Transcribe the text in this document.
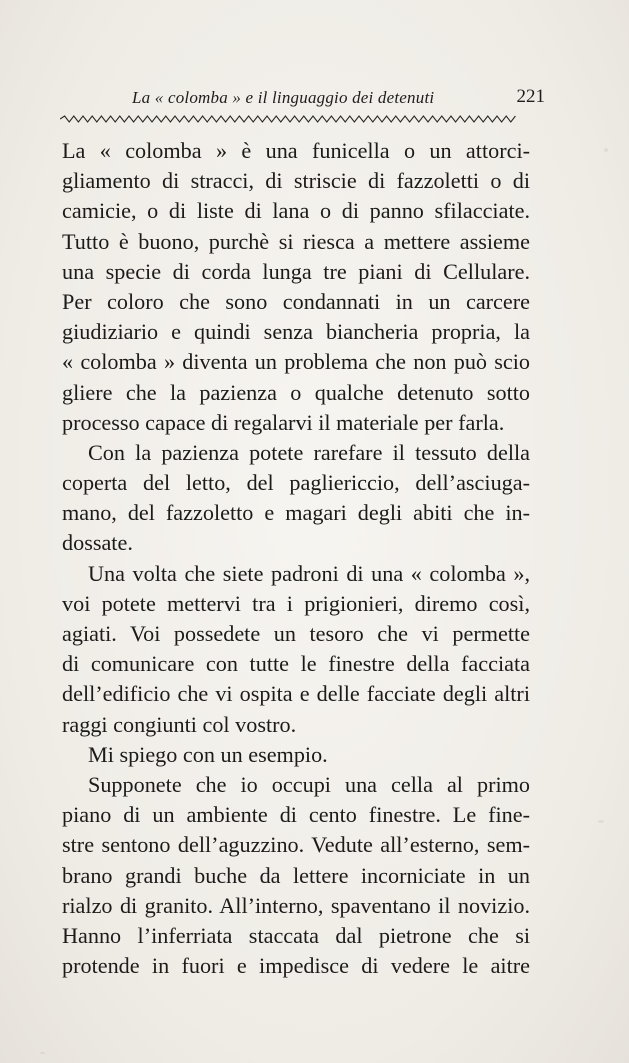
La « colomba » e il linguaggio dei detenuti	221
La « colomba » è una funicella o un attorci-
gliamento di stracci, di striscie di fazzoletti o di
camicie, o di liste di lana o di panno sfilacciate.
Tutto è buono, purchè si riesca a mettere assieme
una specie di corda lunga tre piani di Cellulare.
Per coloro che sono condannati in un carcere
giudiziario e quindi senza biancheria propria, la
« colomba » diventa un problema che non può scio
gliere che la pazienza o qualche detenuto sotto
processo capace di regalarvi il materiale per farla.
Con la pazienza potete rarefare il tessuto della
coperta del letto, del pagliericcio, dell’asciuga-
mano, del fazzoletto e magari degli abiti che in-
dossate.
Una volta che siete padroni di una « colomba »,
voi potete mettervi tra i prigionieri, diremo così,
agiati. Voi possedete un tesoro che vi permette
di comunicare con tutte le finestre della facciata
dell’edificio che vi ospita e delle facciate degli altri
raggi congiunti col vostro.
Mi spiego con un esempio.
Supponete che io occupi una cella al primo
piano di un ambiente di cento finestre. Le fine-
stre sentono dell’aguzzino. Vedute all’esterno, sem-
brano grandi buche da lettere incorniciate in un
rialzo di granito. All’interno, spaventano il novizio.
Hanno l’inferriata staccata dal pietrone che si
protende in fuori e impedisce di vedere le aitre
